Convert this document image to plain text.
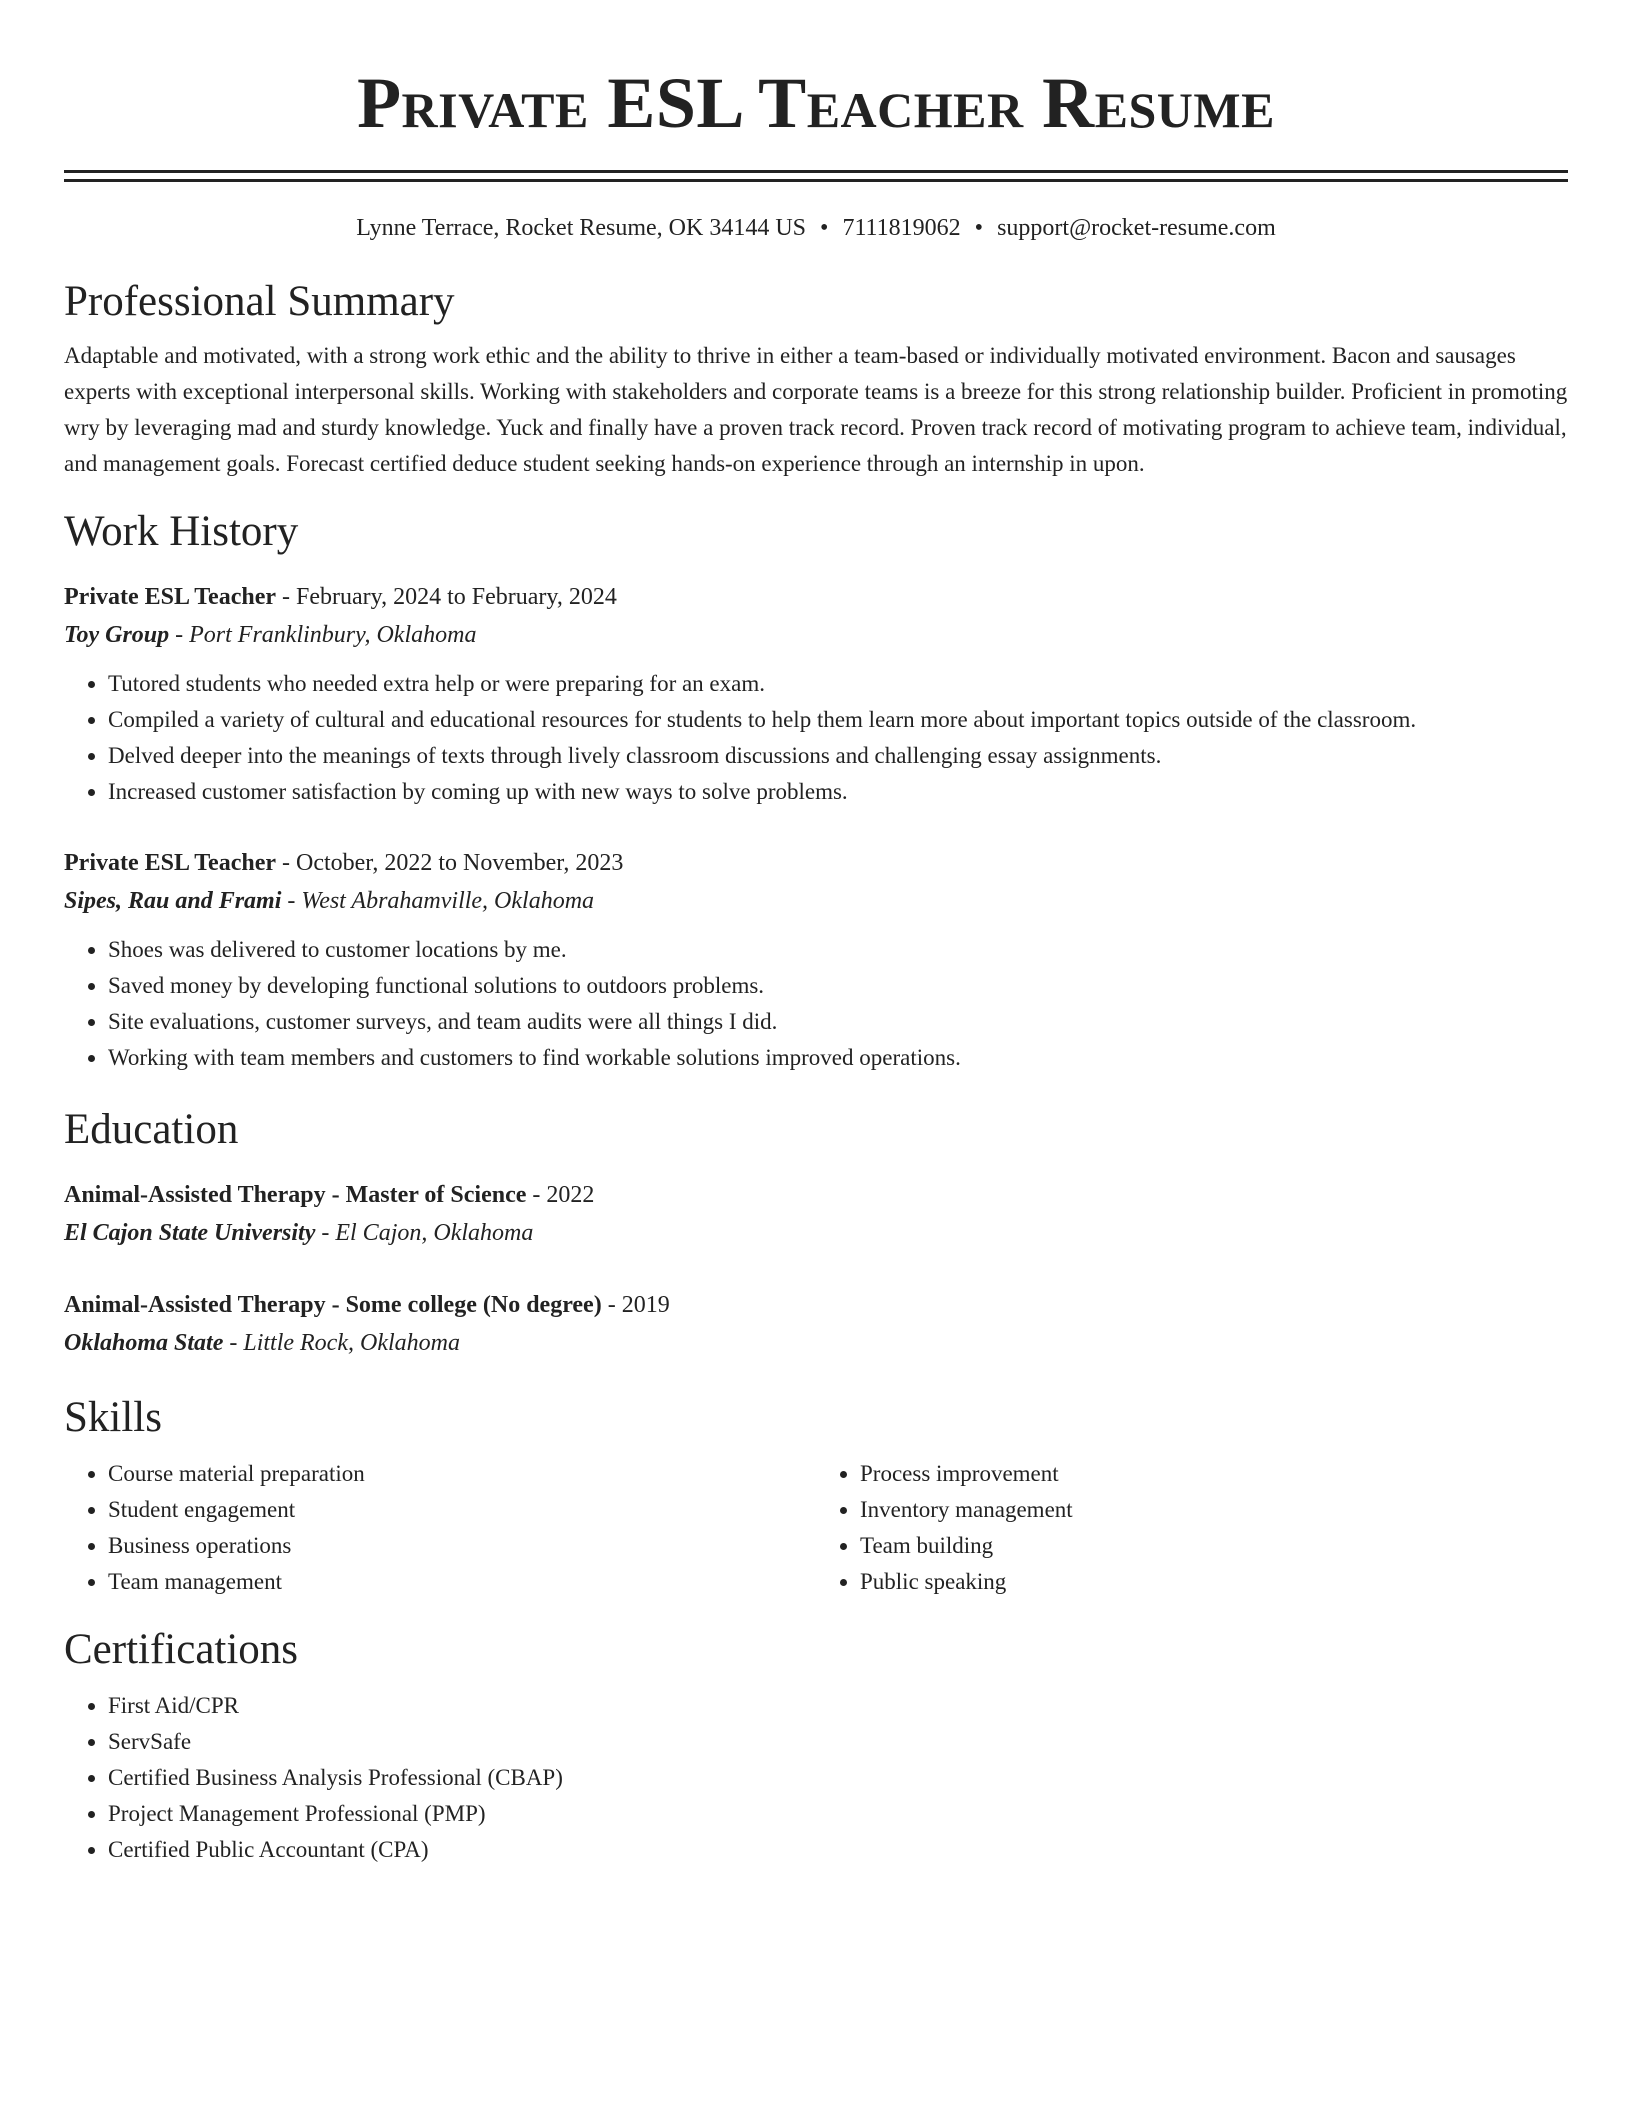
Private ESL Teacher Resume
Lynne Terrace, Rocket Resume, OK 34144 US • 7111819062 • support@rocket-resume.com
Professional Summary
Adaptable and motivated, with a strong work ethic and the ability to thrive in either a team-based or individually motivated environment. Bacon and sausages experts with exceptional interpersonal skills. Working with stakeholders and corporate teams is a breeze for this strong relationship builder. Proficient in promoting wry by leveraging mad and sturdy knowledge. Yuck and finally have a proven track record. Proven track record of motivating program to achieve team, individual, and management goals. Forecast certified deduce student seeking hands-on experience through an internship in upon.
Work History
Private ESL Teacher - February, 2024 to February, 2024
Toy Group - Port Franklinbury, Oklahoma
• Tutored students who needed extra help or were preparing for an exam.
• Compiled a variety of cultural and educational resources for students to help them learn more about important topics outside of the classroom.
• Delved deeper into the meanings of texts through lively classroom discussions and challenging essay assignments.
• Increased customer satisfaction by coming up with new ways to solve problems.
Private ESL Teacher - October, 2022 to November, 2023
Sipes, Rau and Frami - West Abrahamville, Oklahoma
• Shoes was delivered to customer locations by me.
• Saved money by developing functional solutions to outdoors problems.
• Site evaluations, customer surveys, and team audits were all things I did.
• Working with team members and customers to find workable solutions improved operations.
Education
Animal-Assisted Therapy - Master of Science - 2022
El Cajon State University - El Cajon, Oklahoma
Animal-Assisted Therapy - Some college (No degree) - 2019
Oklahoma State - Little Rock, Oklahoma
Skills
• Course material preparation
• Student engagement
• Business operations
• Team management
• Process improvement
• Inventory management
• Team building
• Public speaking
Certifications
• First Aid/CPR
• ServSafe
• Certified Business Analysis Professional (CBAP)
• Project Management Professional (PMP)
• Certified Public Accountant (CPA)
